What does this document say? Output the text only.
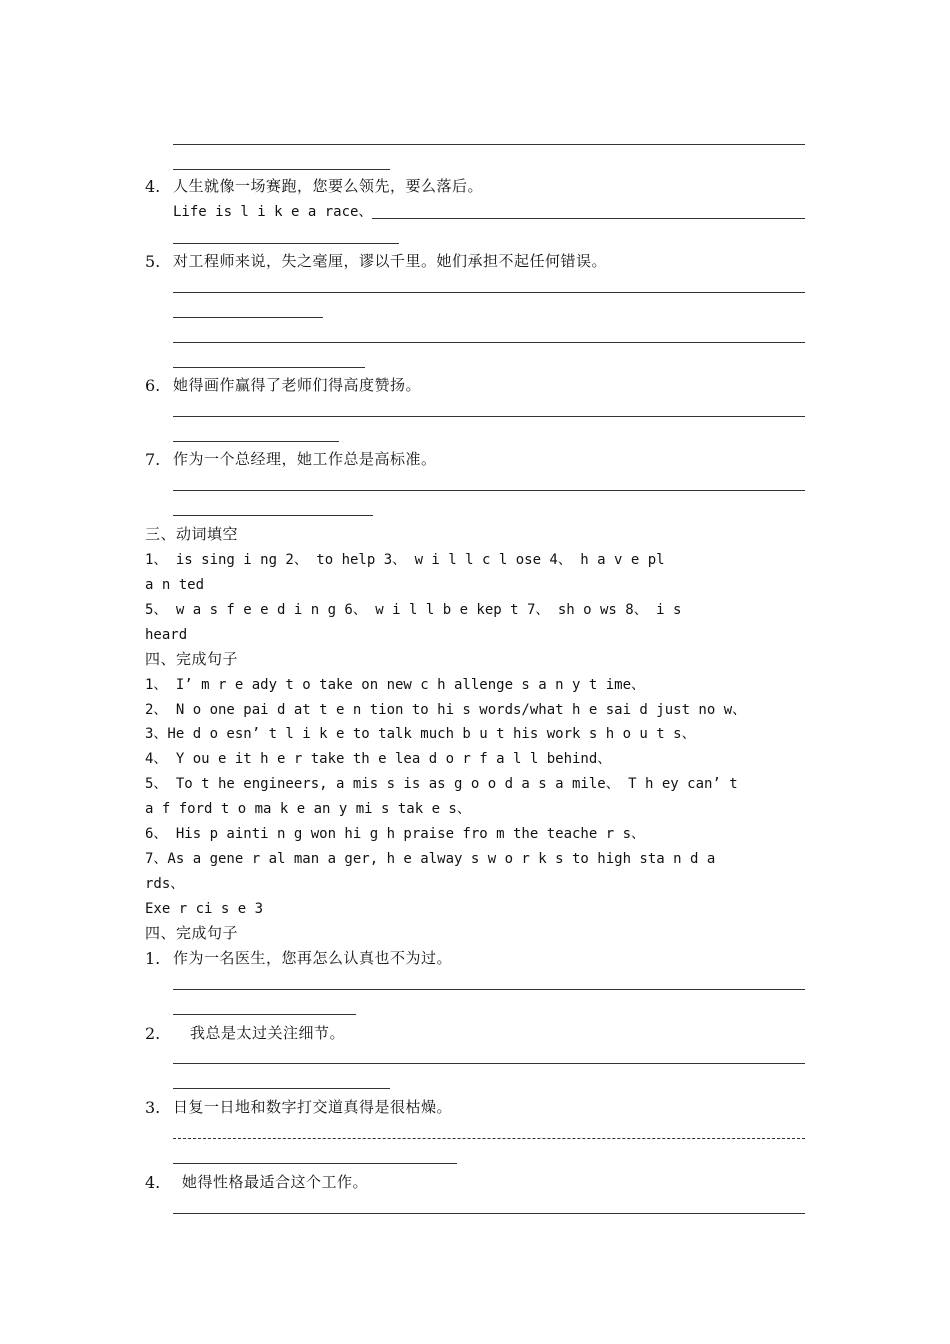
4. 人生就像一场赛跑，您要么领先，要么落后。
Life is l i k e a race、
5. 对工程师来说，失之毫厘，谬以千里。她们承担不起任何错误。
6. 她得画作赢得了老师们得高度赞扬。
7. 作为一个总经理，她工作总是高标准。
三、动词填空
1、 is sing i ng 2、 to help 3、 w i l l c l ose 4、 h a v e pl
a n ted
5、 w a s f e e d i n g 6、 w i l l b e kep t 7、 sh o ws 8、 i s
heard
四、完成句子
1、 I’ m r e ady t o take on new c h allenge s a n y t ime、
2、 N o one pai d at t e n tion to hi s words/what h e sai d just no w、
3、He d o esn’ t l i k e to talk much b u t his work s h o u t s、
4、 Y ou e it h e r take th e lea d o r f a l l behind、
5、 To t he engineers, a mis s is as g o o d a s a mile、 T h ey can’ t
a f ford t o ma k e an y mi s tak e s、
6、 His p ainti n g won hi g h praise fro m the teache r s、
7、As a gene r al man a ger, h e alway s w o r k s to high sta n d a
rds、
Exe r ci s e 3
四、完成句子
1. 作为一名医生，您再怎么认真也不为过。
2. 我总是太过关注细节。
3. 日复一日地和数字打交道真得是很枯燥。
4. 她得性格最适合这个工作。
